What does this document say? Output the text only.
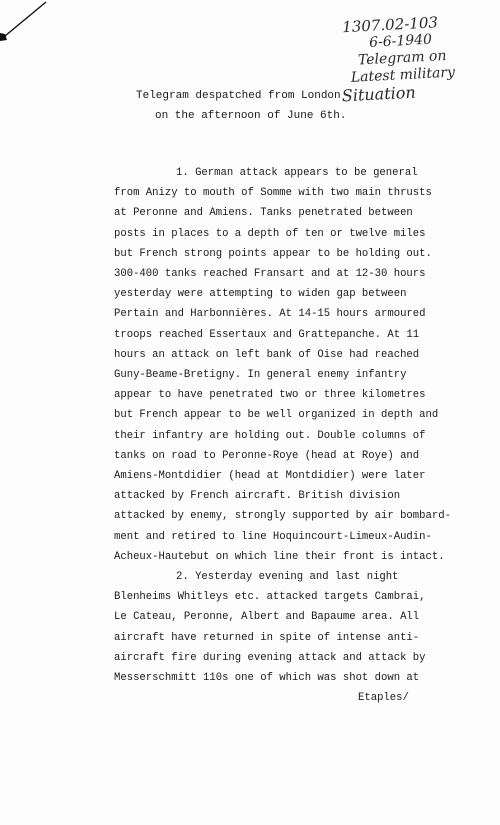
1307.02-103
6-6-1940
Telegram on
Latest military
Situation
Telegram despatched from London
on the afternoon of June 6th.
1. German attack appears to be general
from Anizy to mouth of Somme with two main thrusts
at Peronne and Amiens. Tanks penetrated between
posts in places to a depth of ten or twelve miles
but French strong points appear to be holding out.
300-400 tanks reached Fransart and at 12-30 hours
yesterday were attempting to widen gap between
Pertain and Harbonnières. At 14-15 hours armoured
troops reached Essertaux and Grattepanche. At 11
hours an attack on left bank of Oise had reached
Guny-Beame-Bretigny. In general enemy infantry
appear to have penetrated two or three kilometres
but French appear to be well organized in depth and
their infantry are holding out. Double columns of
tanks on road to Peronne-Roye (head at Roye) and
Amiens-Montdidier (head at Montdidier) were later
attacked by French aircraft. British division
attacked by enemy, strongly supported by air bombard-
ment and retired to line Hoquincourt-Limeux-Audin-
Acheux-Hautebut on which line their front is intact.
2. Yesterday evening and last night
Blenheims Whitleys etc. attacked targets Cambrai,
Le Cateau, Peronne, Albert and Bapaume area. All
aircraft have returned in spite of intense anti-
aircraft fire during evening attack and attack by
Messerschmitt 110s one of which was shot down at
Etaples/
